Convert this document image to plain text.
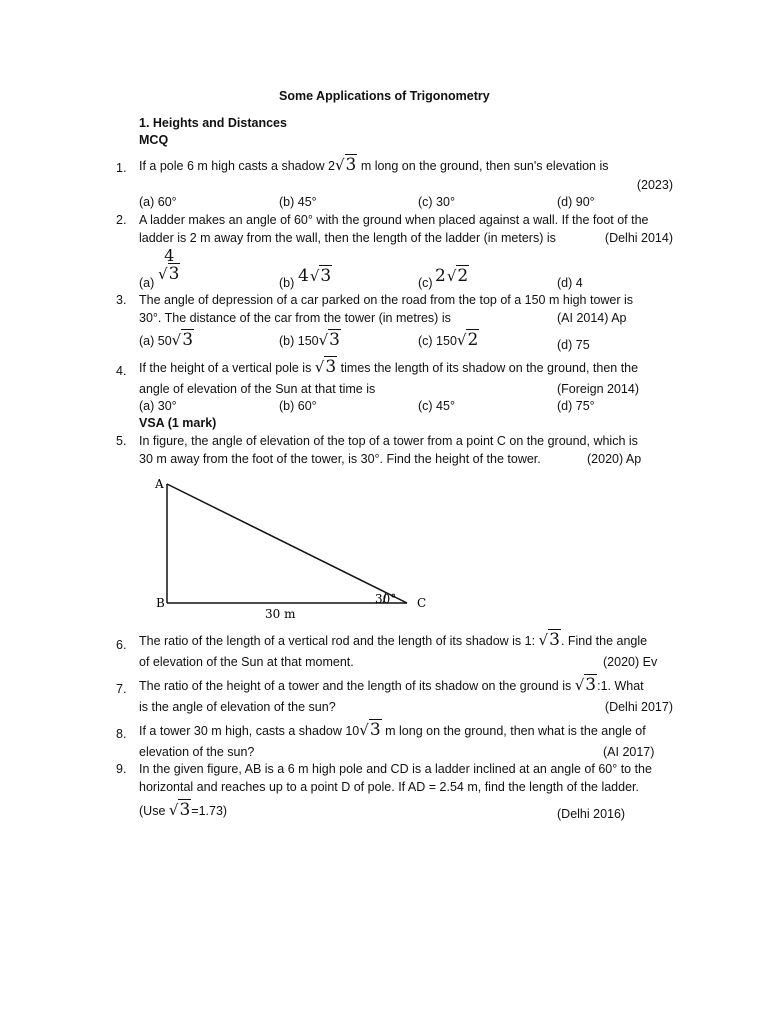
Some Applications of Trigonometry
1. Heights and Distances
MCQ
1. If a pole 6 m high casts a shadow 2√3 m long on the ground, then sun's elevation is
(2023)
(a) 60°	(b) 45°	(c) 30°	(d) 90°
2. A ladder makes an angle of 60° with the ground when placed against a wall. If the foot of the
ladder is 2 m away from the wall, then the length of the ladder (in meters) is	(Delhi 2014)
(a)
4
√3	(b) 4√3	(c) 2√2	(d) 4
3. The angle of depression of a car parked on the road from the top of a 150 m high tower is
30°. The distance of the car from the tower (in metres) is	(AI 2014) Ap
(a) 50√3	(b) 150√3	(c) 150√2	(d) 75
4. If the height of a vertical pole is √3 times the length of its shadow on the ground, then the
angle of elevation of the Sun at that time is	(Foreign 2014)
(a) 30°	(b) 60°	(c) 45°	(d) 75°
VSA (1 mark)
5. In figure, the angle of elevation of the top of a tower from a point C on the ground, which is
30 m away from the foot of the tower, is 30°. Find the height of the tower.	(2020) Ap
A
B	C
30 m
30°
6. The ratio of the length of a vertical rod and the length of its shadow is 1: √3. Find the angle
of elevation of the Sun at that moment.	(2020) Ev
7. The ratio of the height of a tower and the length of its shadow on the ground is √3:1. What
is the angle of elevation of the sun?	(Delhi 2017)
8. If a tower 30 m high, casts a shadow 10√3 m long on the ground, then what is the angle of
elevation of the sun?	(AI 2017)
9. In the given figure, AB is a 6 m high pole and CD is a ladder inclined at an angle of 60° to the
horizontal and reaches up to a point D of pole. If AD = 2.54 m, find the length of the ladder.
(Use √3=1.73)	(Delhi 2016)
